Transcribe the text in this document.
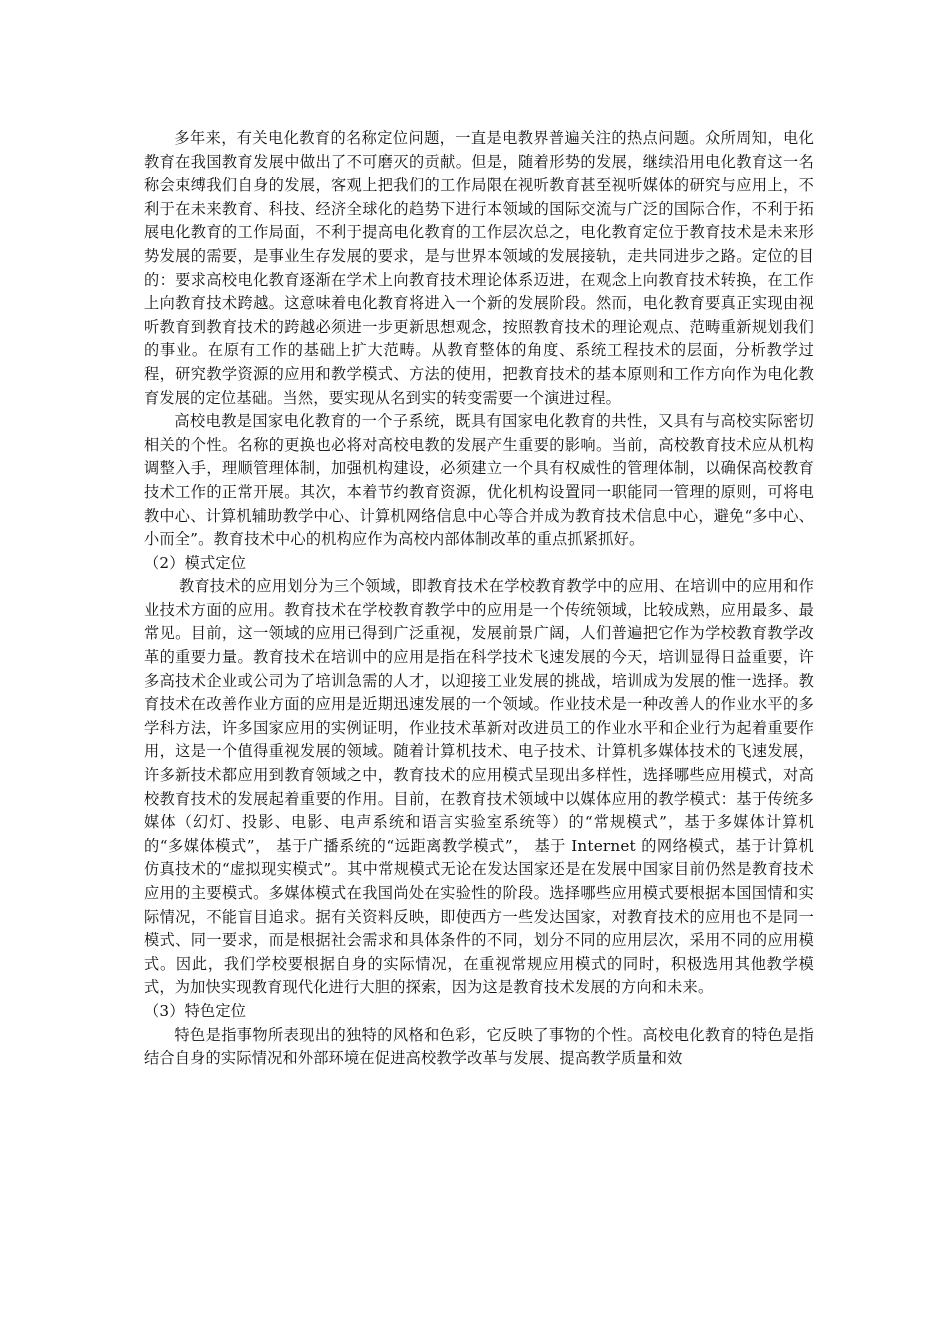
多年来，有关电化教育的名称定位问题，一直是电教界普遍关注的热点问题。众所周知，电化教育在我国教育发展中做出了不可磨灭的贡献。但是，随着形势的发展，继续沿用电化教育这一名称会束缚我们自身的发展，客观上把我们的工作局限在视听教育甚至视听媒体的研究与应用上，不利于在未来教育、科技、经济全球化的趋势下进行本领域的国际交流与广泛的国际合作，不利于拓展电化教育的工作局面，不利于提高电化教育的工作层次总之，电化教育定位于教育技术是未来形势发展的需要，是事业生存发展的要求，是与世界本领域的发展接轨，走共同进步之路。定位的目的：要求高校电化教育逐渐在学术上向教育技术理论体系迈进，在观念上向教育技术转换，在工作上向教育技术跨越。这意味着电化教育将进入一个新的发展阶段。然而，电化教育要真正实现由视听教育到教育技术的跨越必须进一步更新思想观念，按照教育技术的理论观点、范畴重新规划我们的事业。在原有工作的基础上扩大范畴。从教育整体的角度、系统工程技术的层面，分析教学过程，研究教学资源的应用和教学模式、方法的使用，把教育技术的基本原则和工作方向作为电化教育发展的定位基础。当然，要实现从名到实的转变需要一个演进过程。

高校电教是国家电化教育的一个子系统，既具有国家电化教育的共性，又具有与高校实际密切相关的个性。名称的更换也必将对高校电教的发展产生重要的影响。当前，高校教育技术应从机构调整入手，理顺管理体制，加强机构建设，必须建立一个具有权威性的管理体制，以确保高校教育技术工作的正常开展。其次，本着节约教育资源，优化机构设置同一职能同一管理的原则，可将电教中心、计算机辅助教学中心、计算机网络信息中心等合并成为教育技术信息中心，避免“多中心、小而全”。教育技术中心的机构应作为高校内部体制改革的重点抓紧抓好。

（2）模式定位

教育技术的应用划分为三个领域，即教育技术在学校教育教学中的应用、在培训中的应用和作业技术方面的应用。教育技术在学校教育教学中的应用是一个传统领域，比较成熟，应用最多、最常见。目前，这一领域的应用已得到广泛重视，发展前景广阔，人们普遍把它作为学校教育教学改革的重要力量。教育技术在培训中的应用是指在科学技术飞速发展的今天，培训显得日益重要，许多高技术企业或公司为了培训急需的人才，以迎接工业发展的挑战，培训成为发展的惟一选择。教育技术在改善作业方面的应用是近期迅速发展的一个领域。作业技术是一种改善人的作业水平的多学科方法，许多国家应用的实例证明，作业技术革新对改进员工的作业水平和企业行为起着重要作用，这是一个值得重视发展的领域。随着计算机技术、电子技术、计算机多媒体技术的飞速发展，许多新技术都应用到教育领域之中，教育技术的应用模式呈现出多样性，选择哪些应用模式，对高校教育技术的发展起着重要的作用。目前，在教育技术领域中以媒体应用的教学模式：基于传统多媒体（幻灯、投影、电影、电声系统和语言实验室系统等）的“常规模式”，基于多媒体计算机的“多媒体模式”， 基于广播系统的“远距离教学模式”， 基于 Internet 的网络模式，基于计算机仿真技术的“虚拟现实模式”。其中常规模式无论在发达国家还是在发展中国家目前仍然是教育技术应用的主要模式。多媒体模式在我国尚处在实验性的阶段。选择哪些应用模式要根据本国国情和实际情况，不能盲目追求。据有关资料反映，即使西方一些发达国家，对教育技术的应用也不是同一模式、同一要求，而是根据社会需求和具体条件的不同，划分不同的应用层次，采用不同的应用模式。因此，我们学校要根据自身的实际情况，在重视常规应用模式的同时，积极选用其他教学模式，为加快实现教育现代化进行大胆的探索，因为这是教育技术发展的方向和未来。

（3）特色定位

特色是指事物所表现出的独特的风格和色彩，它反映了事物的个性。高校电化教育的特色是指结合自身的实际情况和外部环境在促进高校教学改革与发展、提高教学质量和效
